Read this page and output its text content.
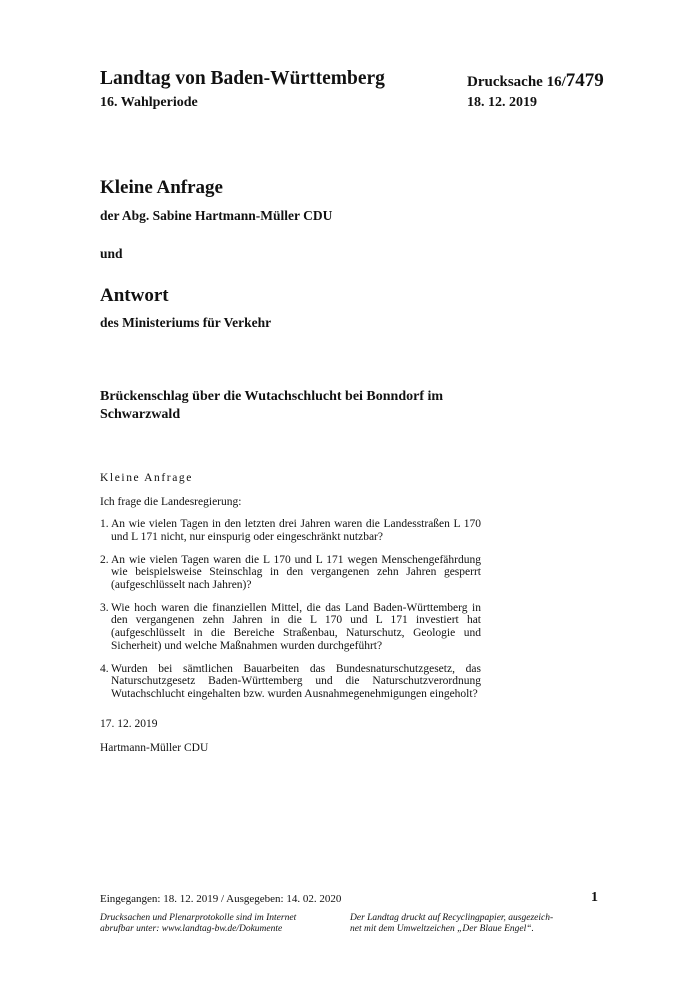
Landtag von Baden-Württemberg	Drucksache 16/7479
16. Wahlperiode	18. 12. 2019
Kleine Anfrage
der Abg. Sabine Hartmann-Müller CDU
und
Antwort
des Ministeriums für Verkehr
Brückenschlag über die Wutachschlucht bei Bonndorf im
Schwarzwald
Kleine Anfrage
Ich frage die Landesregierung:
1. An wie vielen Tagen in den letzten drei Jahren waren die Landesstraßen L 170 und L 171 nicht, nur einspurig oder eingeschränkt nutzbar?
2. An wie vielen Tagen waren die L 170 und L 171 wegen Menschengefährdung wie beispielsweise Steinschlag in den vergangenen zehn Jahren gesperrt (aufgeschlüsselt nach Jahren)?
3. Wie hoch waren die finanziellen Mittel, die das Land Baden-Württemberg in den vergangenen zehn Jahren in die L 170 und L 171 investiert hat (aufgeschlüsselt in die Bereiche Straßenbau, Naturschutz, Geologie und Sicherheit) und welche Maßnahmen wurden durchgeführt?
4. Wurden bei sämtlichen Bauarbeiten das Bundesnaturschutzgesetz, das Naturschutzgesetz Baden-Württemberg und die Naturschutzverordnung Wutachschlucht eingehalten bzw. wurden Ausnahmegenehmigungen eingeholt?
17. 12. 2019
Hartmann-Müller CDU
Eingegangen: 18. 12. 2019 / Ausgegeben: 14. 02. 2020	1
Drucksachen und Plenarprotokolle sind im Internet
abrufbar unter: www.landtag-bw.de/Dokumente
Der Landtag druckt auf Recyclingpapier, ausgezeich-
net mit dem Umweltzeichen „Der Blaue Engel“.
